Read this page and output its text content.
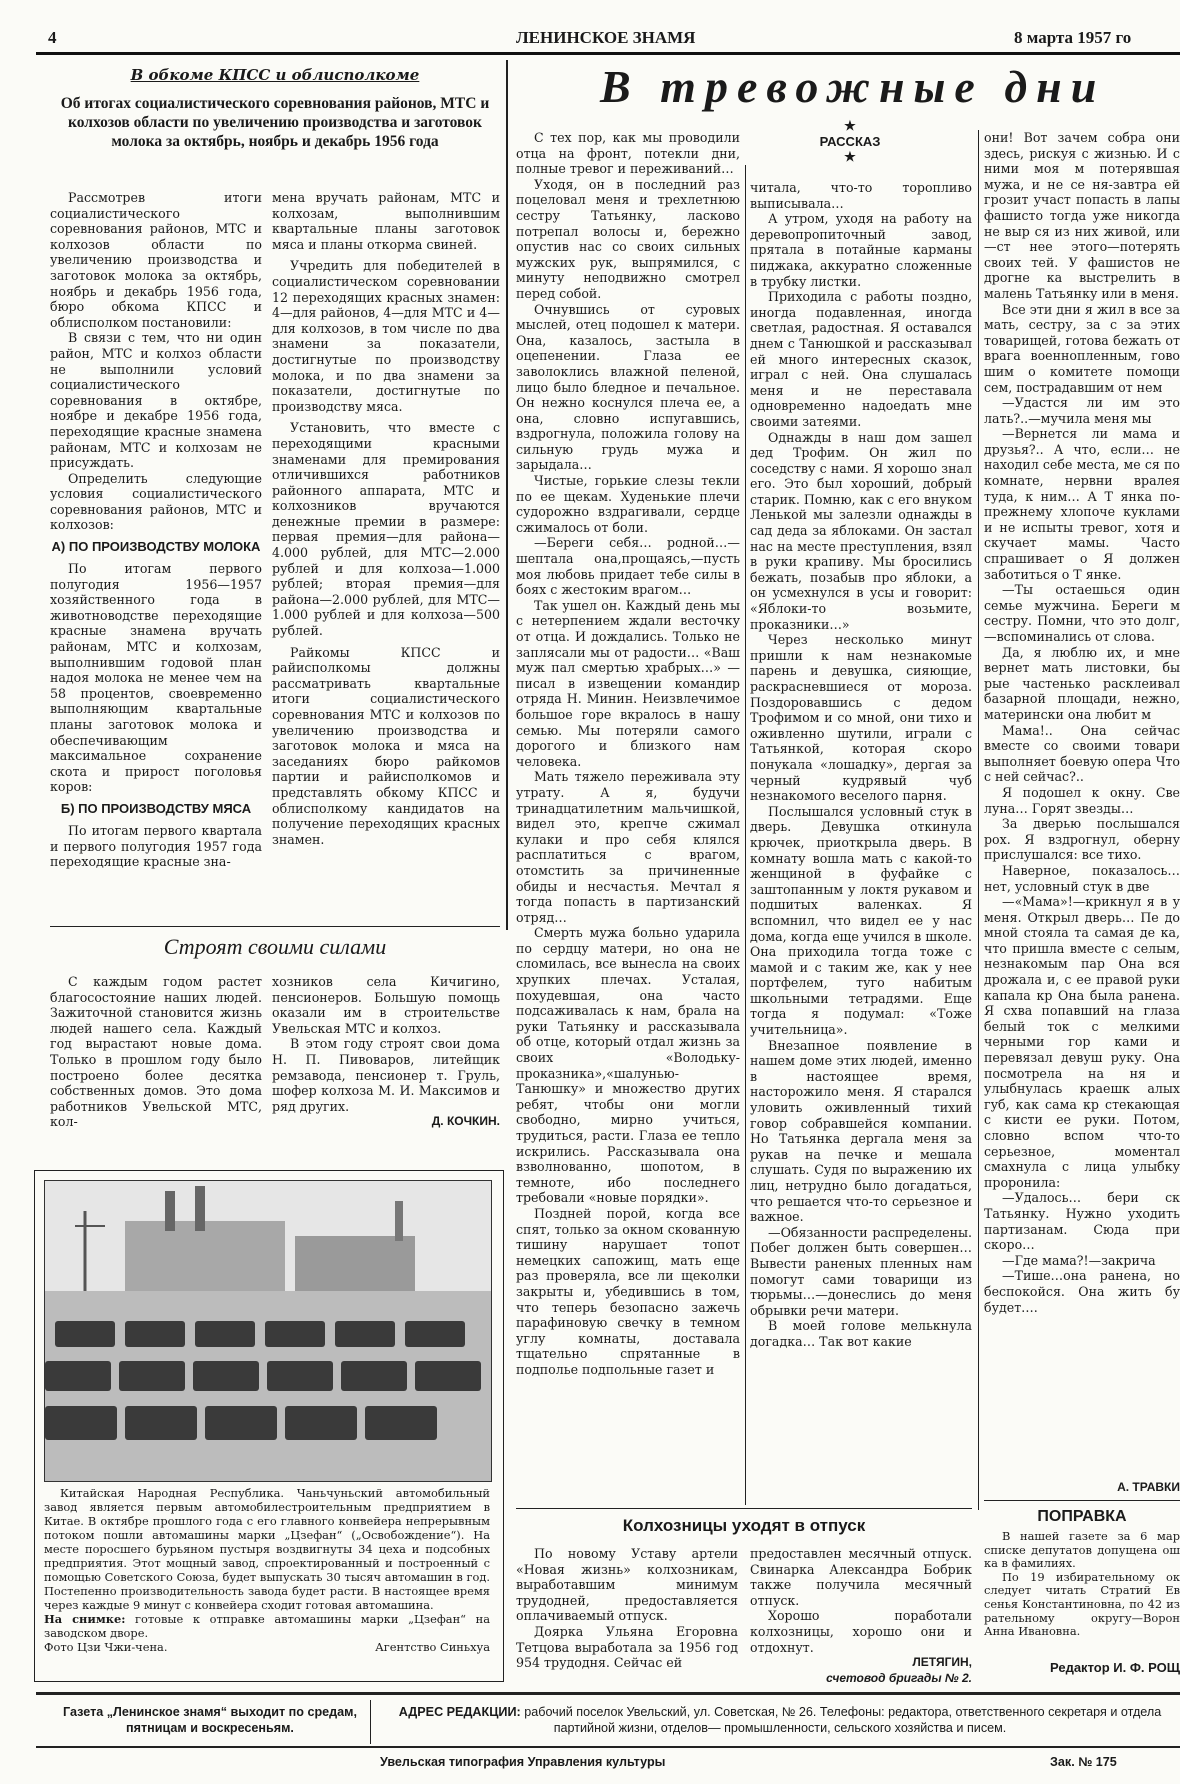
4	ЛЕНИНСКОЕ ЗНАМЯ	8 марта 1957 го
В обкоме КПСС и облисполкоме
Об итогах социалистического соревнования районов, МТС и колхозов области по увеличению производства и заготовок молока за октябрь, ноябрь и декабрь 1956 года

Рассмотрев итоги социалистического соревнования районов, МТС и колхозов области по увеличению производства и заготовок молока за октябрь, ноябрь и декабрь 1956 года, бюро обкома КПСС и облисполком постановили:

В связи с тем, что ни один район, МТС и колхоз области не выполнили условий социалистического соревнования в октябре, ноябре и декабре 1956 года, переходящие красные знамена районам, МТС и колхозам не присуждать.

Определить следующие условия социалистического соревнования районов, МТС и колхозов:

А) ПО ПРОИЗВОДСТВУ МОЛОКА

По итогам первого полугодия 1956—1957 хозяйственного года в животноводстве переходящие красные знамена вручать районам, МТС и колхозам, выполнившим годовой план надоя молока не менее чем на 58 процентов, своевременно выполняющим квартальные планы заготовок молока и обеспечивающим максимальное сохранение скота и прирост поголовья коров:

Б) ПО ПРОИЗВОДСТВУ МЯСА

По итогам первого квартала и первого полугодия 1957 года переходящие красные зна-

мена вручать районам, МТС и колхозам, выполнившим квартальные планы заготовок мяса и планы откорма свиней.

Учредить для победителей в социалистическом соревновании 12 переходящих красных знамен: 4—для районов, 4—для МТС и 4—для колхозов, в том числе по два знамени за показатели, достигнутые по производству молока, и по два знамени за показатели, достигнутые по производству мяса.

Установить, что вместе с переходящими красными знаменами для премирования отличившихся работников районного аппарата, МТС и колхозников вручаются денежные премии в размере: первая премия—для района—4.000 рублей, для МТС—2.000 рублей и для колхоза—1.000 рублей; вторая премия—для района—2.000 рублей, для МТС—1.000 рублей и для колхоза—500 рублей.

Райкомы КПСС и райисполкомы должны рассматривать квартальные итоги социалистического соревнования МТС и колхозов по увеличению производства и заготовок молока и мяса на заседаниях бюро райкомов партии и райисполкомов и представлять обкому КПСС и облисполкому кандидатов на получение переходящих красных знамен.

Строят своими силами

С каждым годом растет благосостояние наших людей. Зажиточной становится жизнь людей нашего села. Каждый год вырастают новые дома. Только в прошлом году было построено более десятка собственных домов. Это дома работников Увельской МТС, кол-

хозников села Кичигино, пенсионеров. Большую помощь оказали им в строительстве Увельская МТС и колхоз.

В этом году строят свои дома Н. П. Пивоваров, литейщик ремзавода, пенсионер т. Груль, шофер колхоза М. И. Максимов и ряд других.

Д. КОЧКИН.
Китайская Народная Республика. Чаньчуньский автомобильный завод является первым автомобилестроительным предприятием в Китае. В октябре прошлого года с его главного конвейера непрерывным потоком пошли автомашины марки „Цзефан“ („Освобождение“). На месте поросшего бурьяном пустыря воздвигнуты 34 цеха и подсобных предприятия. Этот мощный завод, спроектированный и построенный с помощью Советского Союза, будет выпускать 30 тысяч автомашин в год. Постепенно производительность завода будет расти. В настоящее время через каждые 9 минут с конвейера сходит готовая автомашина.
На снимке: готовые к отправке автомашины марки „Цзефан“ на заводском дворе.
Фото Цзи Чжи-чена.	Агентство Синьхуа
В тревожные дни
★
РАССКАЗ
★

С тех пор, как мы проводили отца на фронт, потекли дни, полные тревог и переживаний…

Уходя, он в последний раз поцеловал меня и трехлетнюю сестру Татьянку, ласково потрепал волосы и, бережно опустив нас со своих сильных мужских рук, выпрямился, с минуту неподвижно смотрел перед собой.

Очнувшись от суровых мыслей, отец подошел к матери. Она, казалось, застыла в оцепенении. Глаза ее заволоклись влажной пеленой, лицо было бледное и печальное. Он нежно коснулся плеча ее, а она, словно испугавшись, вздрогнула, положила голову на сильную грудь мужа и зарыдала…

Чистые, горькие слезы текли по ее щекам. Худенькие плечи судорожно вздрагивали, сердце сжималось от боли.

—Береги себя… родной…—шептала она,прощаясь,—пусть моя любовь придает тебе силы в боях с жестоким врагом…

Так ушел он. Каждый день мы с нетерпением ждали весточку от отца. И дождались. Только не заплясали мы от радости… «Ваш муж пал смертью храбрых…» — писал в извещении командир отряда Н. Минин. Неизвлечимое большое горе вкралось в нашу семью. Мы потеряли самого дорогого и близкого нам человека.

Мать тяжело переживала эту утрату. А я, будучи тринадцатилетним мальчишкой, видел это, крепче сжимал кулаки и про себя клялся расплатиться с врагом, отомстить за причиненные обиды и несчастья. Мечтал я тогда попасть в партизанский отряд…

Смерть мужа больно ударила по сердцу матери, но она не сломилась, все вынесла на своих хрупких плечах. Усталая, похудевшая, она часто подсаживалась к нам, брала на руки Татьянку и рассказывала об отце, который отдал жизнь за своих «Володьку-проказника»,«шалунью-Танюшку» и множество других ребят, чтобы они могли свободно, мирно учиться, трудиться, расти. Глаза ее тепло искрились. Рассказывала она взволнованно, шопотом, в темноте, ибо последнего требовали «новые порядки».

Поздней порой, когда все спят, только за окном скованную тишину нарушает топот немецких сапожищ, мать еще раз проверяла, все ли щеколки закрыты и, убедившись в том, что теперь безопасно зажечь парафиновую свечку в темном углу комнаты, доставала тщательно спрятанные в подполье подпольные газет и

читала, что-то торопливо выписывала…

А утром, уходя на работу на деревопропиточный завод, прятала в потайные карманы пиджака, аккуратно сложенные в трубку листки.

Приходила с работы поздно, иногда подавленная, иногда светлая, радостная. Я оставался днем с Танюшкой и рассказывал ей много интересных сказок, играл с ней. Она слушалась меня и не переставала одновременно надоедать мне своими затеями.

Однажды в наш дом зашел дед Трофим. Он жил по соседству с нами. Я хорошо знал его. Это был хороший, добрый старик. Помню, как с его внуком Ленькой мы залезли однажды в сад деда за яблоками. Он застал нас на месте преступления, взял в руки крапиву. Мы бросились бежать, позабыв про яблоки, а он усмехнулся в усы и говорит: «Яблоки-то возьмите, проказники…»

Через несколько минут пришли к нам незнакомые парень и девушка, сияющие, раскрасневшиеся от мороза. Поздоровавшись с дедом Трофимом и со мной, они тихо и оживленно шутили, играли с Татьянкой, которая скоро понукала «лошадку», дергая за черный кудрявый чуб незнакомого веселого парня.

Послышался условный стук в дверь. Девушка откинула крючек, приоткрыла дверь. В комнату вошла мать с какой-то женщиной в фуфайке с заштопанным у локтя рукавом и подшитых валенках. Я вспомнил, что видел ее у нас дома, когда еще учился в школе. Она приходила тогда тоже с мамой и с таким же, как у нее портфелем, туго набитым школьными тетрадями. Еще тогда я подумал: «Тоже учительница».

Внезапное появление в нашем доме этих людей, именно в настоящее время, насторожило меня. Я старался уловить оживленный тихий говор собравшейся компании. Но Татьянка дергала меня за рукав на печке и мешала слушать. Судя по выражению их лиц, нетрудно было догадаться, что решается что-то серьезное и важное.

—Обязанности распределены. Побег должен быть совершен… Вывести раненых пленных нам помогут сами товарищи из тюрьмы…—донеслись до меня обрывки речи матери.

В моей голове мелькнула догадка… Так вот какие

они! Вот зачем собра они здесь, рискуя с жизнью. И с ними моя м потерявшая мужа, и не се ня-завтра ей грозит участ попасть в лапы фашисто тогда уже никогда не выр ся из них живой, или—ст нее этого—потерять своих тей. У фашистов не дрогне ка выстрелить в малень Татьянку или в меня.

Все эти дни я жил в все за мать, сестру, за с за этих товарищей, готова бежать от врага военнопленным, гово шим о комитете помощи сем, пострадавшим от нем

—Удастся ли им это лать?..—мучила меня мы

—Вернется ли мама и друзья?.. А что, если… не находил себе места, ме ся по комнате, нервни вралея туда, к ним… А Т янка по-прежнему хлопоче куклами и не испыты тревог, хотя и скучает мамы. Часто спрашивает о Я должен заботиться о Т янке.

—Ты остаешься один семье мужчина. Береги м сестру. Помни, что это долг,—вспоминались от слова.

Да, я люблю их, и мне вернет мать листовки, бы рые частенько расклеивал базарной площади, нежно, матерински она любит м

Мама!.. Она сейчас вместе со своими товари выполняет боевую опера Что с ней сейчас?..

Я подошел к окну. Све луна… Горят звезды…

За дверью послышался рох. Я вздрогнул, оберну прислушался: все тихо.

Наверное, показалось… нет, условный стук в две

—«Мама»!—крикнул я в у меня. Открыл дверь… Пе до мной стояла та самая де ка, что пришла вместе с селым, незнакомым пар Она вся дрожала и, с ее правой руки капала кр Она была ранена. Я схва попавший на глаза белый ток с мелкими черными гор ками и перевязал девуш руку. Она посмотрела на ня и улыбнулась краешк алых губ, как сама кр стекающая с кисти ее руки. Потом, словно вспом что-то серьезное, моментал смахнула с лица улыбку проронила:

—Удалось… бери ск Татьянку. Нужно уходить партизанам. Сюда при скоро…

—Где мама?!—закрича

—Тише…она ранена, но беспокойся. Она жить бу будет….

А. ТРАВКИ
Колхозницы уходят в отпуск

По новому Уставу артели «Новая жизнь» колхозникам, выработавшим минимум трудодней, предоставляется оплачиваемый отпуск.

Доярка Ульяна Егоровна Тетцова выработала за 1956 год 954 трудодня. Сейчас ей

предоставлен месячный отпуск. Свинарка Александра Бобрик также получила месячный отпуск.

Хорошо поработали колхозницы, хорошо они и отдохнут.

ЛЕТЯГИН,
счетовод бригады № 2.
ПОПРАВКА

В нашей газете за 6 мар списке депутатов допущена ош ка в фамилиях.

По 19 избирательному ок следует читать Стратий Ев сенья Константиновна, по 42 из рательному округу—Ворон Анна Ивановна.

Редактор И. Ф. РОЩ
Газета „Ленинское знамя“ выходит по средам, пятницам и воскресеньям.
АДРЕС РЕДАКЦИИ: рабочий поселок Увельский, ул. Советская, № 26. Телефоны: редактора, ответственного секретаря и отдела партийной жизни, отделов— промышленности, сельского хозяйства и писем.
Увельская типография Управления культуры	Зак. № 175
